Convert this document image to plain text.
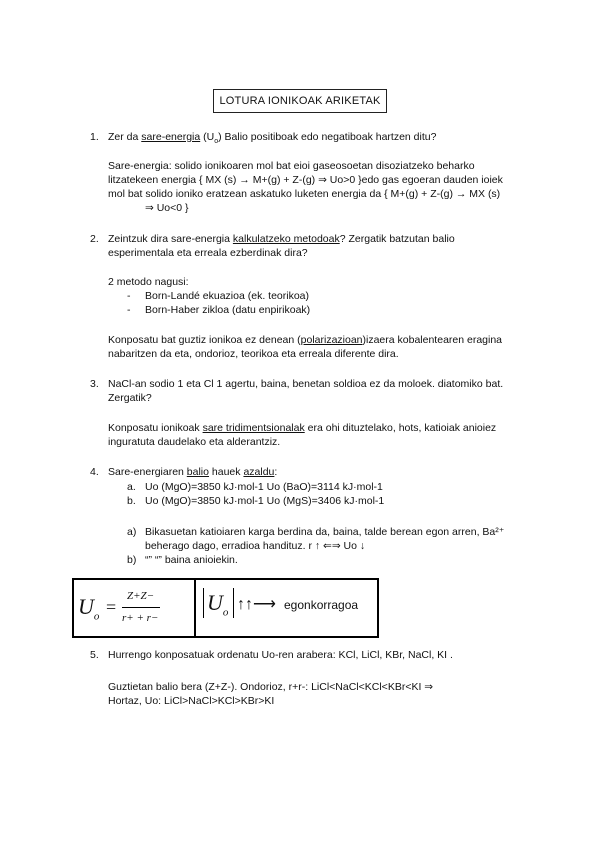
LOTURA IONIKOAK ARIKETAK
1. Zer da sare-energia $(U_o)$ Balio positiboak edo negatiboak hartzen ditu?
Sare-energia: solido ionikoaren mol bat eioi gaseosoetan disoziatzeko beharko
litzatekeen energia { MX (s) → M+(g) + Z-(g) ⇒ Uo>0 }edo gas egoeran dauden ioiek
mol bat solido ioniko eratzean askatuko luketen energia da { M+(g) + Z-(g) → MX (s)
⇒ Uo<0 }
2. Zeintzuk dira sare-energia kalkulatzeko metodoak? Zergatik batzutan balio
esperimentala eta erreala ezberdinak dira?
2 metodo nagusi:
- Born-Landé ekuazioa (ek. teorikoa)
- Born-Haber zikloa (datu enpirikoak)
Konposatu bat guztiz ionikoa ez denean (polarizazioan)izaera kobalentearen eragina
nabaritzen da eta, ondorioz, teorikoa eta erreala diferente dira.
3. NaCl-an sodio 1 eta Cl 1 agertu, baina, benetan soldioa ez da moloek. diatomiko bat.
Zergatik?
Konposatu ionikoak sare tridimentsionalak era ohi dituztelako, hots, katioiak anioiez
inguratuta daudelako eta alderantziz.
4. Sare-energiaren balio hauek azaldu:
a. Uo (MgO)=3850 kJ·mol-1 Uo (BaO)=3114 kJ·mol-1
b. Uo (MgO)=3850 kJ·mol-1 Uo (MgS)=3406 kJ·mol-1
a) Bikasuetan katioiaren karga berdina da, baina, talde berean egon arren, Ba²⁺
beherago dago, erradioa handituz. r ↑ ⇐⇒ Uo ↓
b) “” “” baina anioiekin.
$U_o$ =
Z+Z−
r+ + r−
$U_o$ ↑↑⟶ egonkorragoa
5. Hurrengo konposatuak ordenatu Uo-ren arabera: KCl, LiCl, KBr, NaCl, KI .
Guztietan balio bera (Z+Z-). Ondorioz, r+r-: LiCl<NaCl<KCl<KBr<KI ⇒
Hortaz, Uo: LiCl>NaCl>KCl>KBr>KI
